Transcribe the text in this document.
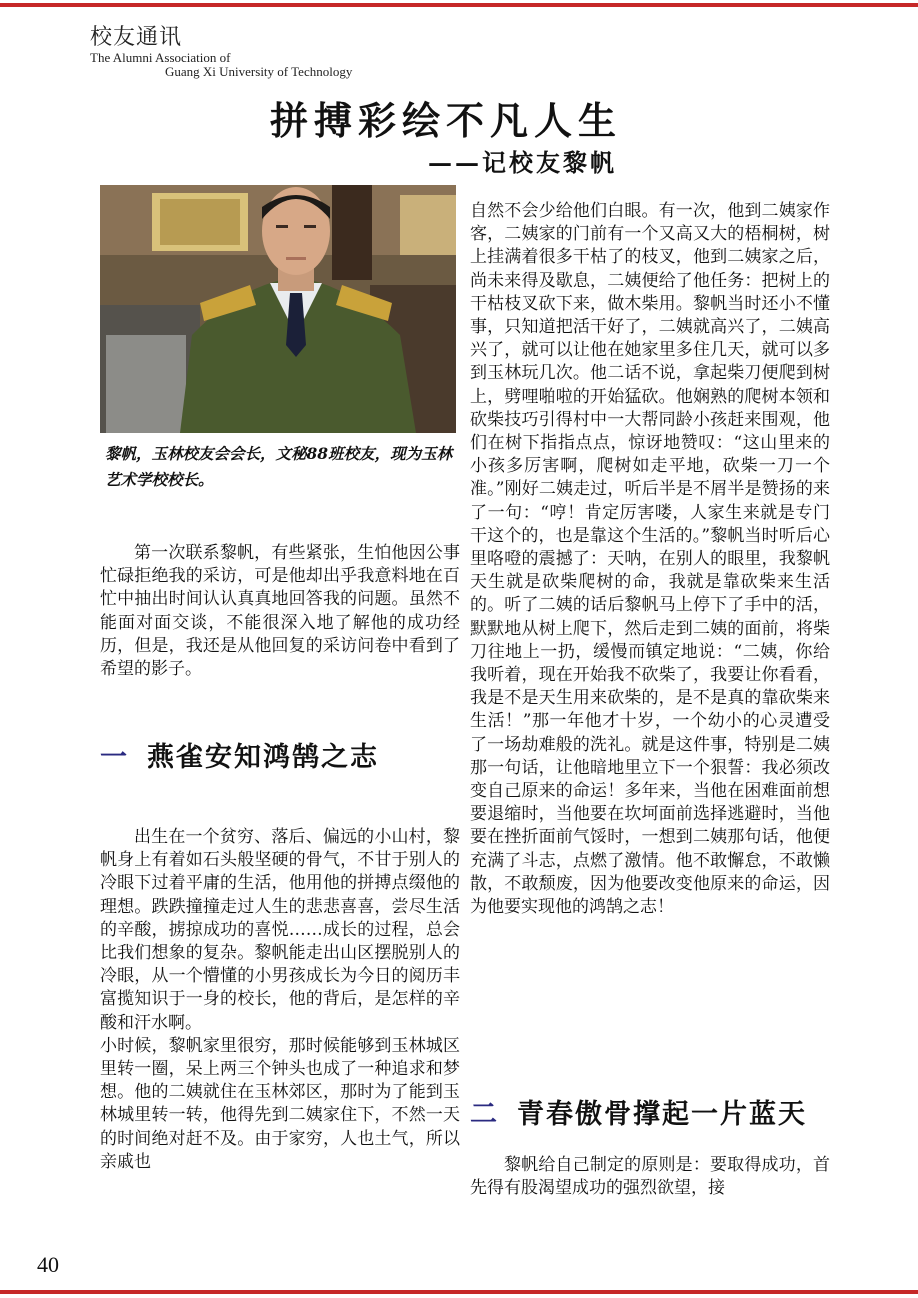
校友通讯
The Alumni Association of
Guang Xi University of Technology
拼搏彩绘不凡人生
——记校友黎帆
黎帆，玉林校友会会长，文秘88班校友，现为玉林艺术学校校长。

第一次联系黎帆，有些紧张，生怕他因公事忙碌拒绝我的采访，可是他却出乎我意料地在百忙中抽出时间认认真真地回答我的问题。虽然不能面对面交谈，不能很深入地了解他的成功经历，但是，我还是从他回复的采访问卷中看到了希望的影子。

一 燕雀安知鸿鹄之志

出生在一个贫穷、落后、偏远的小山村，黎帆身上有着如石头般坚硬的骨气，不甘于别人的冷眼下过着平庸的生活，他用他的拼搏点缀他的理想。跌跌撞撞走过人生的悲悲喜喜，尝尽生活的辛酸，掳掠成功的喜悦……成长的过程，总会比我们想象的复杂。黎帆能走出山区摆脱别人的冷眼，从一个懵懂的小男孩成长为今日的阅历丰富揽知识于一身的校长，他的背后，是怎样的辛酸和汗水啊。

小时候，黎帆家里很穷，那时候能够到玉林城区里转一圈，呆上两三个钟头也成了一种追求和梦想。他的二姨就住在玉林郊区，那时为了能到玉林城里转一转，他得先到二姨家住下，不然一天的时间绝对赶不及。由于家穷，人也土气，所以亲戚也

自然不会少给他们白眼。有一次，他到二姨家作客，二姨家的门前有一个又高又大的梧桐树，树上挂满着很多干枯了的枝叉，他到二姨家之后，尚未来得及歇息，二姨便给了他任务：把树上的干枯枝叉砍下来，做木柴用。黎帆当时还小不懂事，只知道把活干好了，二姨就高兴了，二姨高兴了，就可以让他在她家里多住几天，就可以多到玉林玩几次。他二话不说，拿起柴刀便爬到树上，劈哩啪啦的开始猛砍。他娴熟的爬树本领和砍柴技巧引得村中一大帮同龄小孩赶来围观，他们在树下指指点点，惊讶地赞叹：“这山里来的小孩多厉害啊，爬树如走平地，砍柴一刀一个准。”刚好二姨走过，听后半是不屑半是赞扬的来了一句：“哼！肯定厉害喽，人家生来就是专门干这个的，也是靠这个生活的。”黎帆当时听后心里咯噔的震撼了：天呐，在别人的眼里，我黎帆天生就是砍柴爬树的命，我就是靠砍柴来生活的。听了二姨的话后黎帆马上停下了手中的活，默默地从树上爬下，然后走到二姨的面前，将柴刀往地上一扔，缓慢而镇定地说：“二姨，你给我听着，现在开始我不砍柴了，我要让你看看，我是不是天生用来砍柴的，是不是真的靠砍柴来生活！”那一年他才十岁，一个幼小的心灵遭受了一场劫难般的洗礼。就是这件事，特别是二姨那一句话，让他暗地里立下一个狠誓：我必须改变自己原来的命运！多年来，当他在困难面前想要退缩时，当他要在坎坷面前选择逃避时，当他要在挫折面前气馁时，一想到二姨那句话，他便充满了斗志，点燃了激情。他不敢懈怠，不敢懒散，不敢颓废，因为他要改变他原来的命运，因为他要实现他的鸿鹄之志！

二 青春傲骨撑起一片蓝天

黎帆给自己制定的原则是：要取得成功，首先得有股渴望成功的强烈欲望，接

40
